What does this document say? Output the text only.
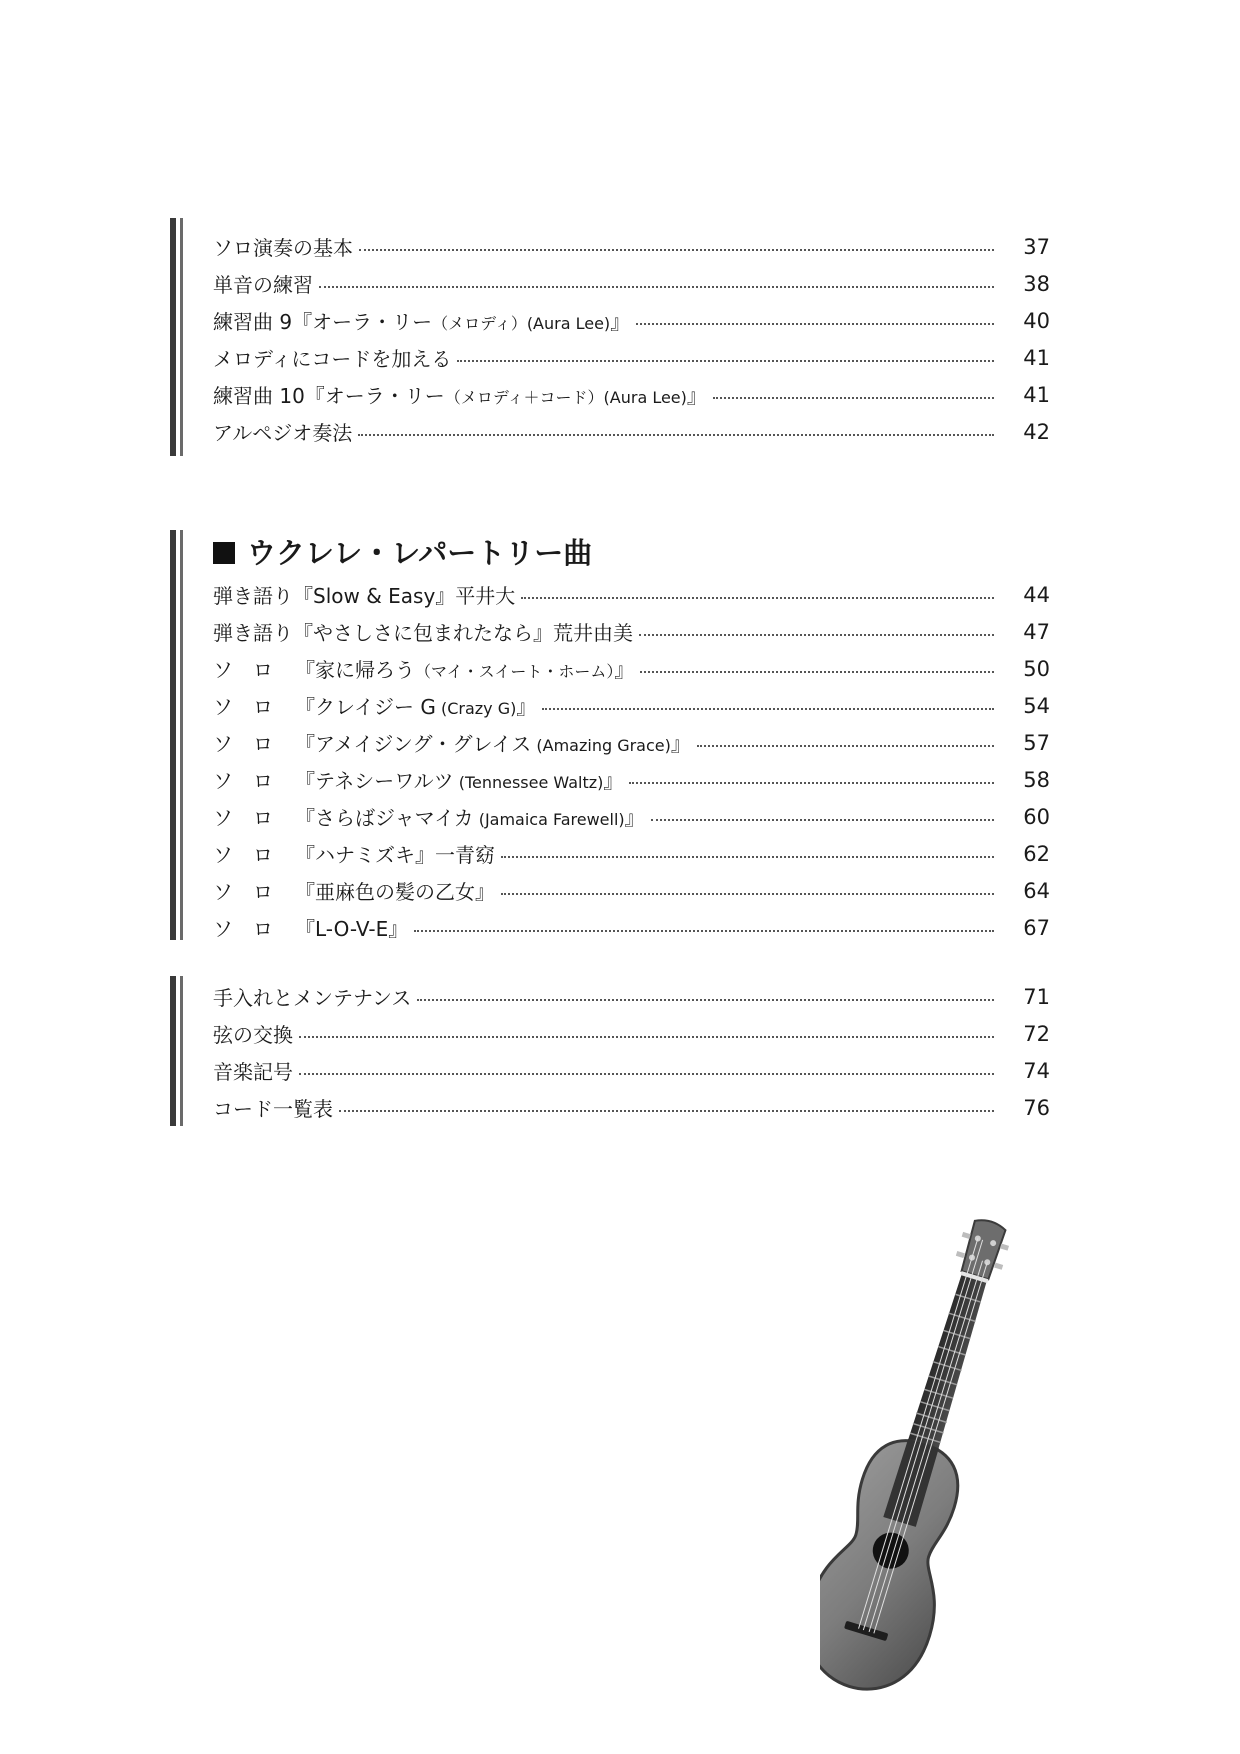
ソロ演奏の基本	37
単音の練習	38
練習曲 9『オーラ・リー（メロディ）(Aura Lee)』	40
メロディにコードを加える	41
練習曲 10『オーラ・リー（メロディ＋コード）(Aura Lee)』	41
アルペジオ奏法	42
ウクレレ・レパートリー曲
弾き語り『Slow & Easy』平井大	44
弾き語り『やさしさに包まれたなら』荒井由美	47
ソロ 『家に帰ろう（マイ・スイート・ホーム）』	50
ソロ 『クレイジー G (Crazy G)』	54
ソロ 『アメイジング・グレイス (Amazing Grace)』	57
ソロ 『テネシーワルツ (Tennessee Waltz)』	58
ソロ 『さらばジャマイカ (Jamaica Farewell)』	60
ソロ 『ハナミズキ』一青窈	62
ソロ 『亜麻色の髪の乙女』	64
ソロ 『L-O-V-E』	67
手入れとメンテナンス	71
弦の交換	72
音楽記号	74
コード一覧表	76
